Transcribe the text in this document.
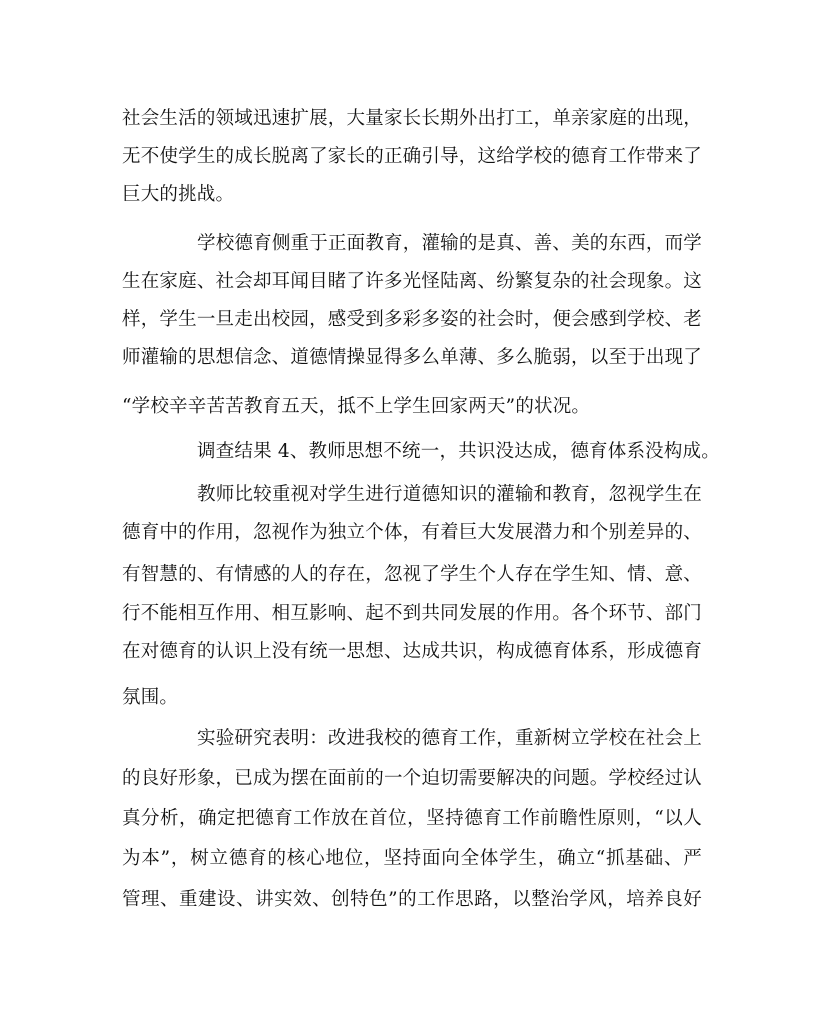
社会生活的领域迅速扩展，大量家长长期外出打工，单亲家庭的出现，
无不使学生的成长脱离了家长的正确引导，这给学校的德育工作带来了
巨大的挑战。
学校德育侧重于正面教育，灌输的是真、善、美的东西，而学
生在家庭、社会却耳闻目睹了许多光怪陆离、纷繁复杂的社会现象。这
样，学生一旦走出校园，感受到多彩多姿的社会时，便会感到学校、老
师灌输的思想信念、道德情操显得多么单薄、多么脆弱，以至于出现了
“学校辛辛苦苦教育五天，抵不上学生回家两天”的状况。
调查结果 4、教师思想不统一，共识没达成，德育体系没构成。
教师比较重视对学生进行道德知识的灌输和教育，忽视学生在
德育中的作用，忽视作为独立个体，有着巨大发展潜力和个别差异的、
有智慧的、有情感的人的存在，忽视了学生个人存在学生知、情、意、
行不能相互作用、相互影响、起不到共同发展的作用。各个环节、部门
在对德育的认识上没有统一思想、达成共识，构成德育体系，形成德育
氛围。
实验研究表明：改进我校的德育工作，重新树立学校在社会上
的良好形象，已成为摆在面前的一个迫切需要解决的问题。学校经过认
真分析，确定把德育工作放在首位，坚持德育工作前瞻性原则，“以人
为本”，树立德育的核心地位，坚持面向全体学生，确立“抓基础、严
管理、重建设、讲实效、创特色”的工作思路，以整治学风，培养良好
